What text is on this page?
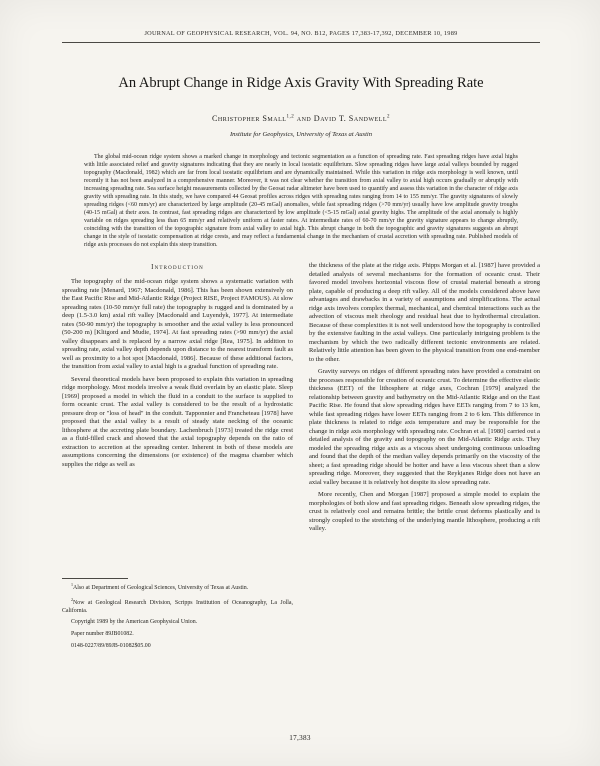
JOURNAL OF GEOPHYSICAL RESEARCH, VOL. 94, NO. B12, PAGES 17,383-17,392, DECEMBER 10, 1989
An Abrupt Change in Ridge Axis Gravity With Spreading Rate
Christopher Small$^{1,2}$ and David T. Sandwell$^2$
Institute for Geophysics, University of Texas at Austin
The global mid-ocean ridge system shows a marked change in morphology and tectonic segmentation as a function of spreading rate. Fast spreading ridges have axial highs with little associated relief and gravity signatures indicating that they are nearly in local isostatic equilibrium. Slow spreading ridges have large axial valleys bounded by rugged topography (Macdonald, 1982) which are far from local isostatic equilibrium and are dynamically maintained. While this variation in ridge axis morphology is well known, until recently it has not been analyzed in a comprehensive manner. Moreover, it was not clear whether the transition from axial valley to axial high occurs gradually or abruptly with increasing spreading rate. Sea surface height measurements collected by the Geosat radar altimeter have been used to quantify and assess this variation in the character of ridge axis gravity with spreading rate. In this study, we have compared 44 Geosat profiles across ridges with spreading rates ranging from 14 to 155 mm/yr. The gravity signatures of slowly spreading ridges (<60 mm/yr) are characterized by large amplitude (20-45 mGal) anomalies, while fast spreading ridges (>70 mm/yr) usually have low amplitude gravity troughs (40-15 mGal) at their axes. In contrast, fast spreading ridges are characterized by low amplitude (<5-15 mGal) axial gravity highs. The amplitude of the axial anomaly is highly variable on ridges spreading less than 65 mm/yr and relatively uniform at faster rates. At intermediate rates of 60-70 mm/yr the gravity signature appears to change abruptly, coinciding with the transition of the topographic signature from axial valley to axial high. This abrupt change in both the topographic and gravity signatures suggests an abrupt change in the style of isostatic compensation at ridge crests, and may reflect a fundamental change in the mechanism of crustal accretion with spreading rate. Published models of ridge axis processes do not explain this steep transition.
Introduction

The topography of the mid-ocean ridge system shows a systematic variation with spreading rate [Menard, 1967; Macdonald, 1986]. This has been shown extensively on the East Pacific Rise and Mid-Atlantic Ridge (Project RISE, Project FAMOUS). At slow spreading rates (10-50 mm/yr full rate) the topography is rugged and is dominated by a deep (1.5-3.0 km) axial rift valley [Macdonald and Luyendyk, 1977]. At intermediate rates (50-90 mm/yr) the topography is smoother and the axial valley is less pronounced (50-200 m) [Klitgord and Mudie, 1974]. At fast spreading rates (>90 mm/yr) the axial valley disappears and is replaced by a narrow axial ridge [Rea, 1975]. In addition to spreading rate, axial valley depth depends upon distance to the nearest transform fault as well as proximity to a hot spot [Macdonald, 1986]. Because of these additional factors, the transition from axial valley to axial high is a gradual function of spreading rate.

Several theoretical models have been proposed to explain this variation in spreading ridge morphology. Most models involve a weak fluid overlain by an elastic plate. Sleep [1969] proposed a model in which the fluid in a conduit to the surface is supplied to form oceanic crust. The axial valley is considered to be the result of a hydrostatic pressure drop or "loss of head" in the conduit. Tapponnier and Francheteau [1978] have proposed that the axial valley is a result of steady state necking of the oceanic lithosphere at the accreting plate boundary. Lachenbruch [1973] treated the ridge crest as a fluid-filled crack and showed that the axial topography depends on the ratio of extraction to accretion at the spreading center. Inherent in both of these models are assumptions concerning the dimensions (or existence) of the magma chamber which supplies the ridge as well as

$^1$Also at Department of Geological Sciences, University of Texas at Austin.

$^2$Now at Geological Research Division, Scripps Institution of Oceanography, La Jolla, California.

Copyright 1989 by the American Geophysical Union.

Paper number 89JB01082.

0148-0227/89/89JB-01082$05.00

the thickness of the plate at the ridge axis. Phipps Morgan et al. [1987] have provided a detailed analysis of several mechanisms for the formation of oceanic crust. Their favored model involves horizontal viscous flow of crustal material beneath a strong plate, capable of producing a deep rift valley. All of the models considered above have advantages and drawbacks in a variety of assumptions and simplifications. The actual ridge axis involves complex thermal, mechanical, and chemical interactions such as the advection of viscous melt rheology and residual heat due to hydrothermal circulation. Because of these complexities it is not well understood how the topography is controlled by the extensive faulting in the axial valleys. One particularly intriguing problem is the mechanism by which the two radically different tectonic environments are related. Relatively little attention has been given to the physical transition from one end-member to the other.

Gravity surveys on ridges of different spreading rates have provided a constraint on the processes responsible for creation of oceanic crust. To determine the effective elastic thickness (EET) of the lithosphere at ridge axes, Cochran [1979] analyzed the relationship between gravity and bathymetry on the Mid-Atlantic Ridge and on the East Pacific Rise. He found that slow spreading ridges have EETs ranging from 7 to 13 km, while fast spreading ridges have lower EETs ranging from 2 to 6 km. This difference in plate thickness is related to ridge axis temperature and may be responsible for the change in ridge axis morphology with spreading rate. Cochran et al. [1980] carried out a detailed analysis of the gravity and topography on the Mid-Atlantic Ridge axis. They modeled the spreading ridge axis as a viscous sheet undergoing continuous unloading and found that the depth of the median valley depends primarily on the viscosity of the sheet; a fast spreading ridge should be hotter and have a less viscous sheet than a slow spreading ridge. Moreover, they suggested that the Reykjanes Ridge does not have an axial valley because it is relatively hot despite its slow spreading rate.

More recently, Chen and Morgan [1987] proposed a simple model to explain the morphologies of both slow and fast spreading ridges. Beneath slow spreading ridges, the crust is relatively cool and remains brittle; the brittle crust deforms plastically and is strongly coupled to the stretching of the underlying mantle lithosphere, producing a rift valley.

17,383
